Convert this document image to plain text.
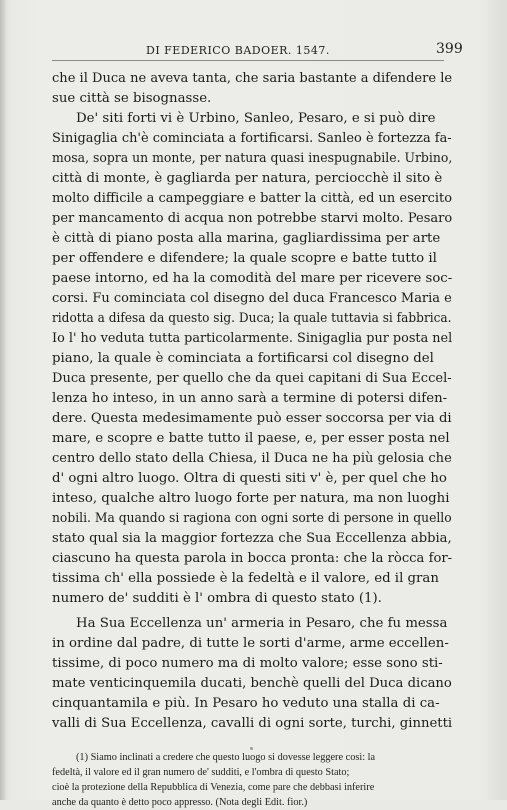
DI FEDERICO BADOER. 1547.	399
che il Duca ne aveva tanta, che saria bastante a difendere le
sue città se bisognasse.
De' siti forti vi è Urbino, Sanleo, Pesaro, e si può dire
Sinigaglia ch'è cominciata a fortificarsi. Sanleo è fortezza fa-
mosa, sopra un monte, per natura quasi inespugnabile. Urbino,
città di monte, è gagliarda per natura, perciocchè il sito è
molto difficile a campeggiare e batter la città, ed un esercito
per mancamento di acqua non potrebbe starvi molto. Pesaro
è città di piano posta alla marina, gagliardissima per arte
per offendere e difendere; la quale scopre e batte tutto il
paese intorno, ed ha la comodità del mare per ricevere soc-
corsi. Fu cominciata col disegno del duca Francesco Maria e
ridotta a difesa da questo sig. Duca; la quale tuttavia si fabbrica.
Io l' ho veduta tutta particolarmente. Sinigaglia pur posta nel
piano, la quale è cominciata a fortificarsi col disegno del
Duca presente, per quello che da quei capitani di Sua Eccel-
lenza ho inteso, in un anno sarà a termine di potersi difen-
dere. Questa medesimamente può esser soccorsa per via di
mare, e scopre e batte tutto il paese, e, per esser posta nel
centro dello stato della Chiesa, il Duca ne ha più gelosia che
d' ogni altro luogo. Oltra di questi siti v' è, per quel che ho
inteso, qualche altro luogo forte per natura, ma non luoghi
nobili. Ma quando si ragiona con ogni sorte di persone in quello
stato qual sia la maggior fortezza che Sua Eccellenza abbia,
ciascuno ha questa parola in bocca pronta: che la ròcca for-
tissima ch' ella possiede è la fedeltà e il valore, ed il gran
numero de' sudditi è l' ombra di questo stato (1).
Ha Sua Eccellenza un' armeria in Pesaro, che fu messa
in ordine dal padre, di tutte le sorti d'arme, arme eccellen-
tissime, di poco numero ma di molto valore; esse sono sti-
mate venticinquemila ducati, benchè quelli del Duca dicano
cinquantamila e più. In Pesaro ho veduto una stalla di ca-
valli di Sua Eccellenza, cavalli di ogni sorte, turchi, ginnetti
(1) Siamo inclinati a credere che questo luogo si dovesse leggere così: la
fedeltà, il valore ed il gran numero de' sudditi, e l'ombra di questo Stato;
cioè la protezione della Repubblica di Venezia, come pare che debbasi inferire
anche da quanto è detto poco appresso. (Nota degli Edit. fior.)
